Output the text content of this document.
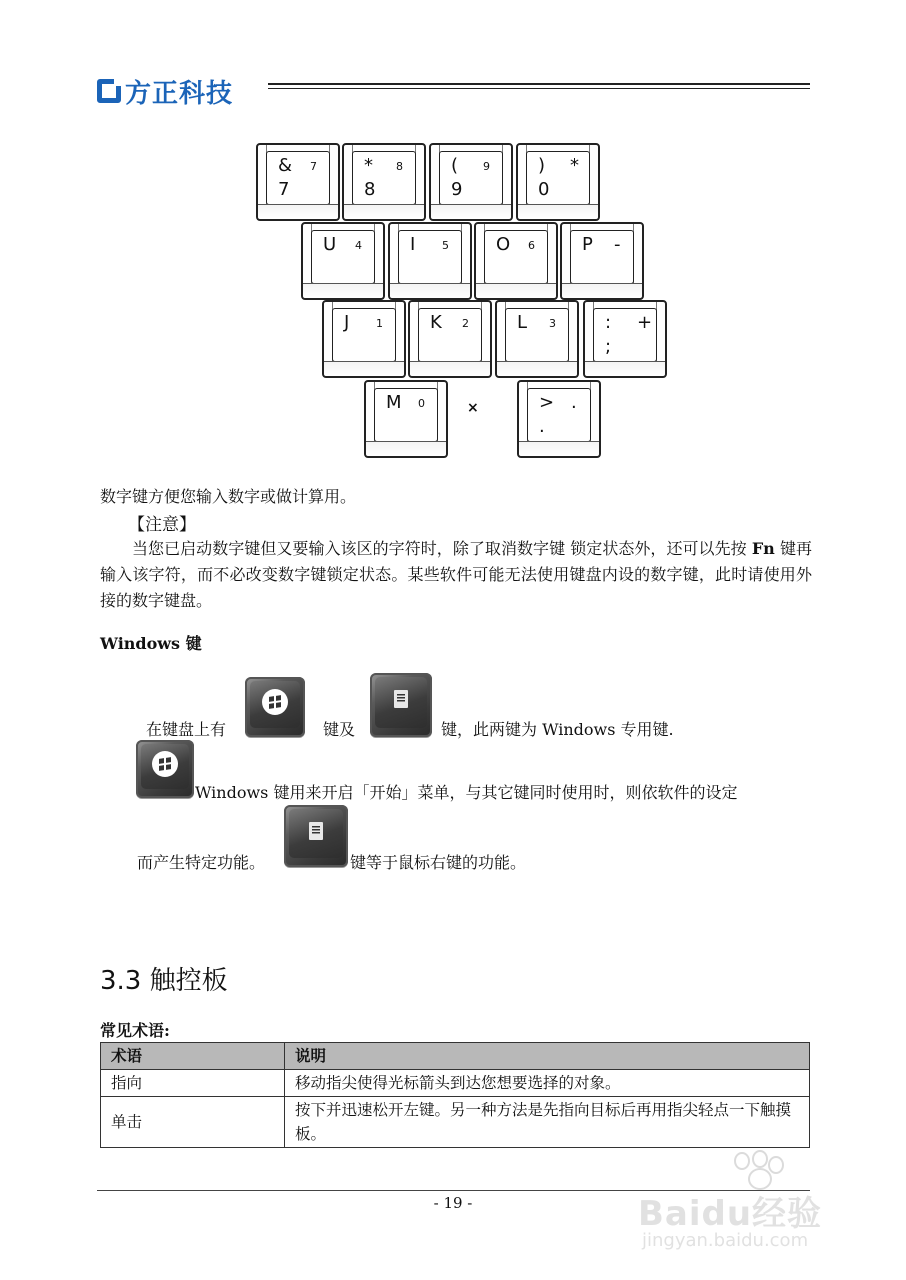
方正科技
& 7
7
* 8
8
( 9
9
) *
0
U 4	I 5	O 6	P -
J 1	K 2	L 3	: +
;
M 0	> .
.
×
数字键方便您输入数字或做计算用。
【注意】
当您已启动数字键但又要输入该区的字符时，除了取消数字键 锁定状态外，还可以先按 Fn 键再输入该字符，而不必改变数字键锁定状态。某些软件可能无法使用键盘内设的数字键，此时请使用外接的数字键盘。
Windows 键
在键盘上有	键及	键，此两键为 Windows 专用键.
Windows 键用来开启「开始」菜单，与其它键同时使用时，则依软件的设定
而产生特定功能。	键等于鼠标右键的功能。
3.3 触控板
常见术语:
术语	说明
指向	移动指尖使得光标箭头到达您想要选择的对象。
单击	按下并迅速松开左键。另一种方法是先指向目标后再用指尖轻点一下触摸板。
- 19 -	Baidu经验
jingyan.baidu.com
